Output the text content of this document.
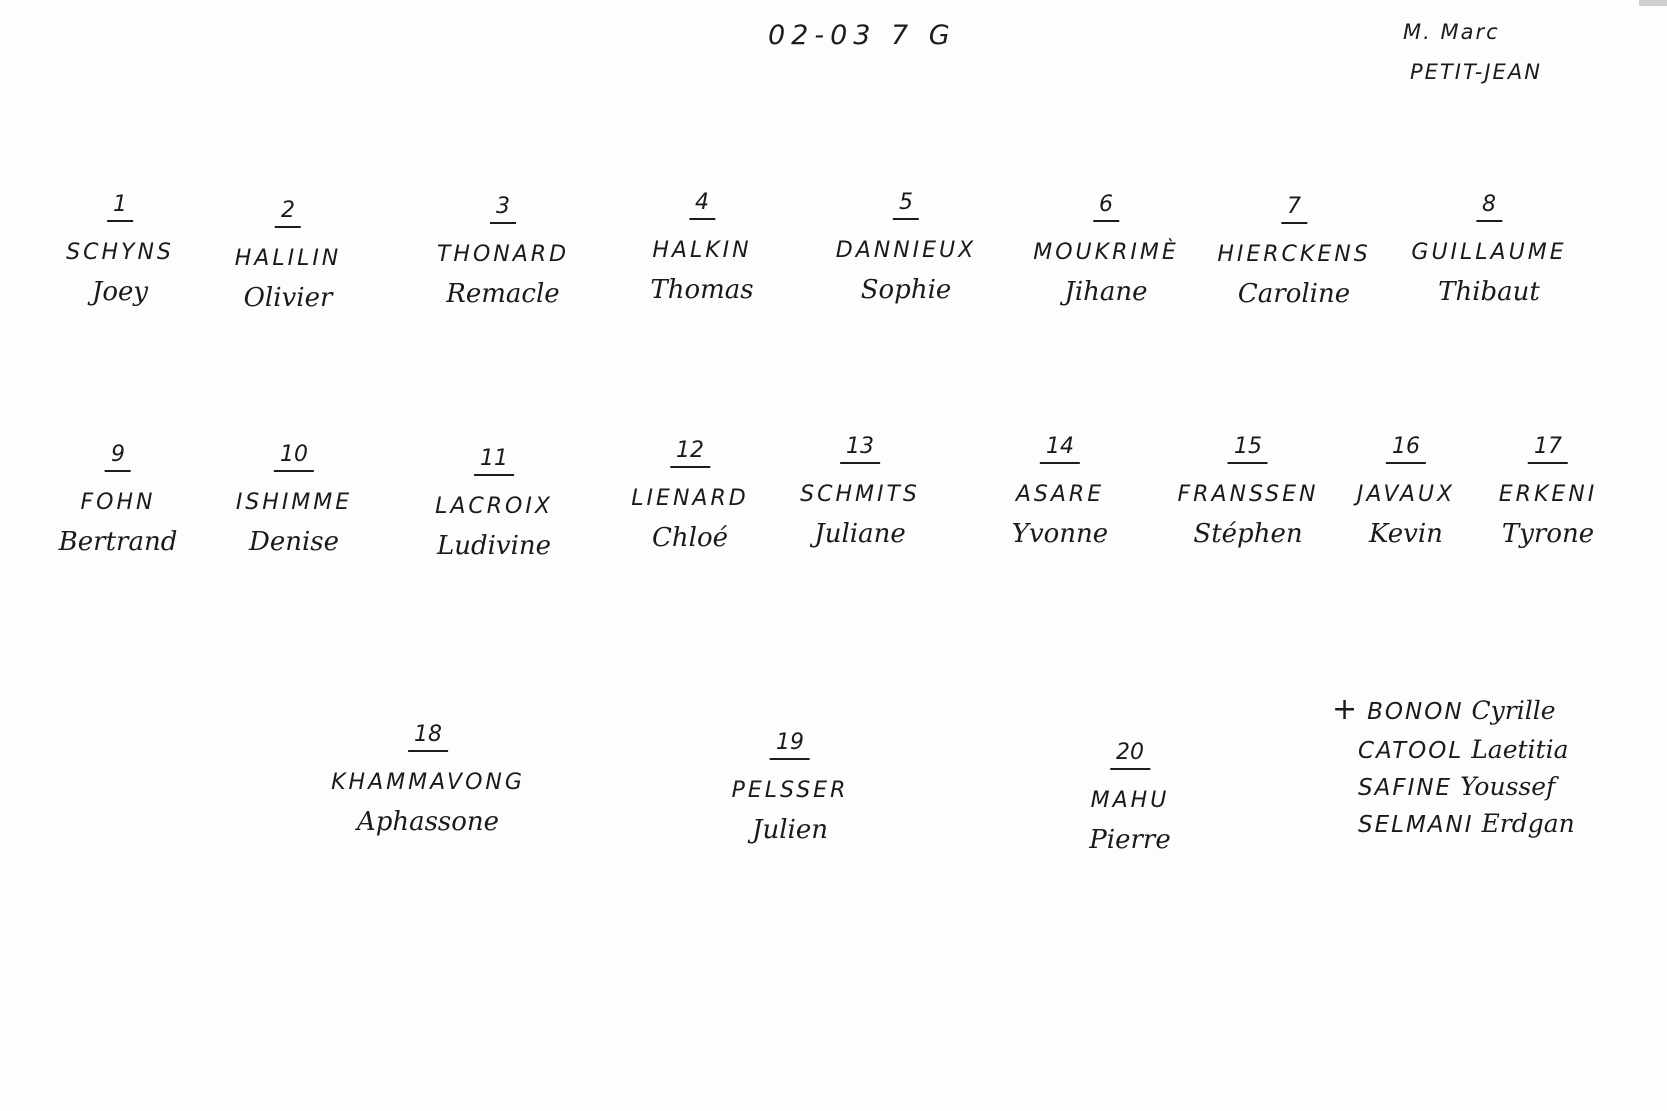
02-03 7 G	M. Marc
PETIT-JEAN
1
SCHYNS
Joey
2
HALILIN
Olivier
3
THONARD
Remacle
4
HALKIN
Thomas
5
DANNIEUX
Sophie
6
MOUKRIMÈ
Jihane
7
HIERCKENS
Caroline
8
GUILLAUME
Thibaut
9
FOHN
Bertrand
10
ISHIMME
Denise
11
LACROIX
Ludivine
12
LIENARD
Chloé
13
SCHMITS
Juliane
14
ASARE
Yvonne
15
FRANSSEN
Stéphen
16
JAVAUX
Kevin
17
ERKENI
Tyrone
18
KHAMMAVONG
Aphassone
19
PELSSER
Julien
20
MAHU
Pierre
+ BONON Cyrille
CATOOL Laetitia
SAFINE Youssef
SELMANI Erdgan
